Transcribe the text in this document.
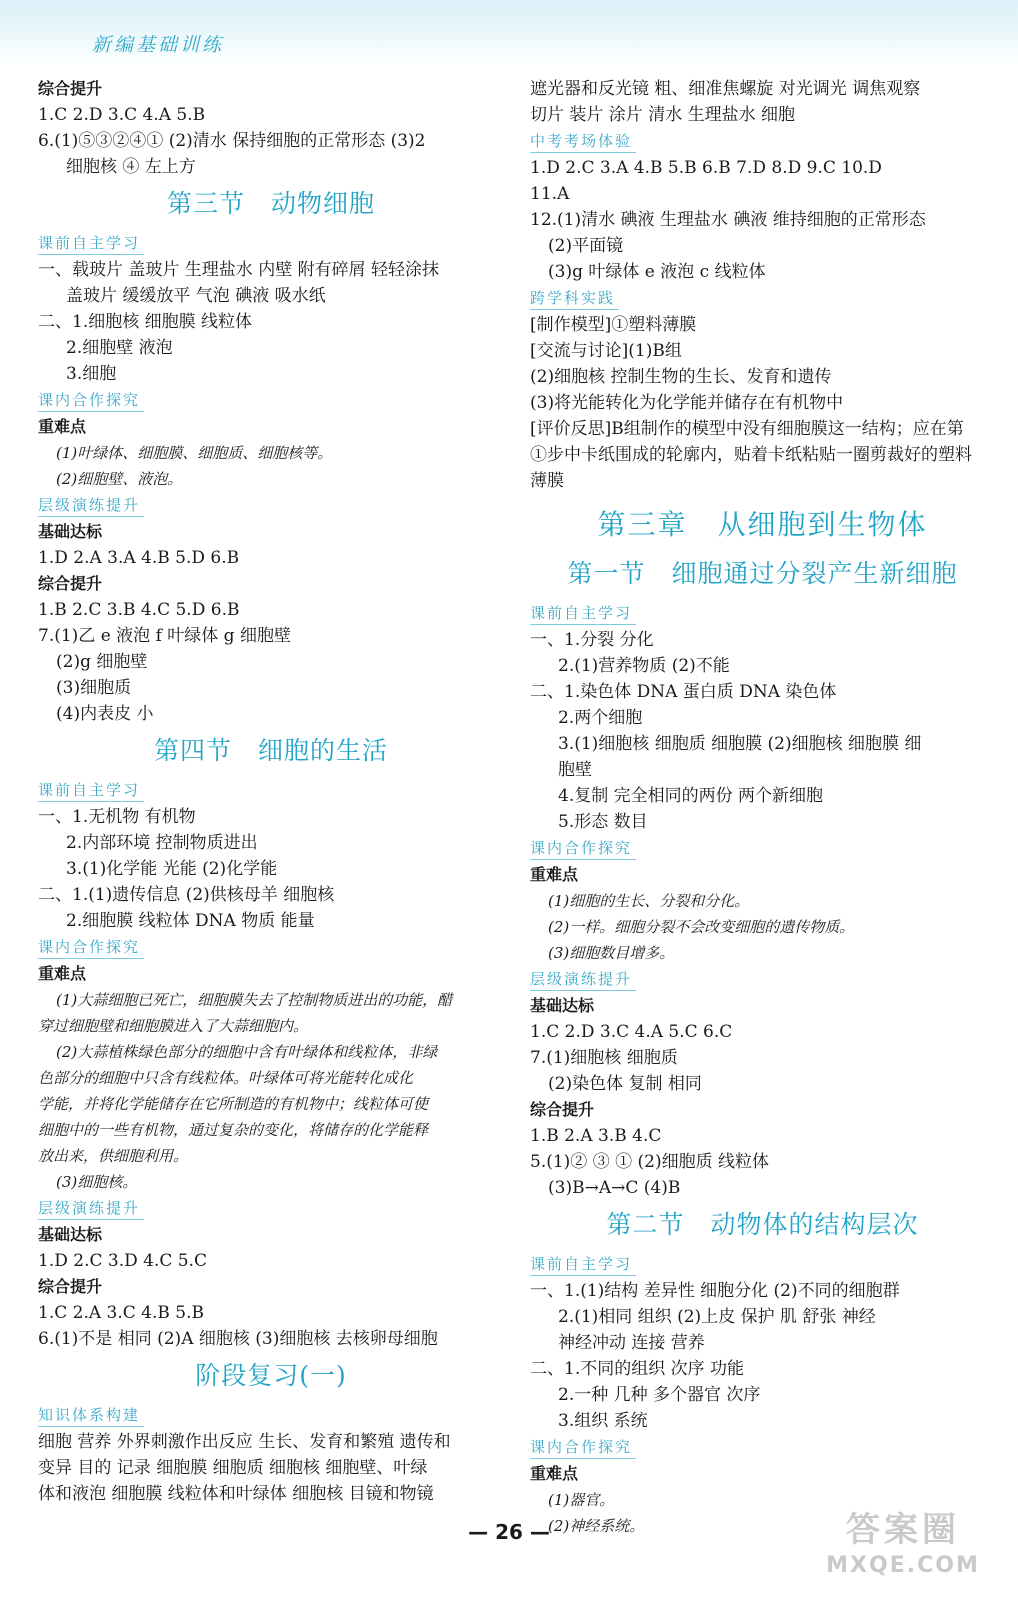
新编基础训练
综合提升
1.C 2.D 3.C 4.A 5.B
6.(1)⑤③②④① (2)清水 保持细胞的正常形态 (3)2
细胞核 ④ 左上方
第三节　动物细胞
课前自主学习
一、载玻片 盖玻片 生理盐水 内壁 附有碎屑 轻轻涂抹
盖玻片 缓缓放平 气泡 碘液 吸水纸
二、1.细胞核 细胞膜 线粒体
2.细胞壁 液泡
3.细胞
课内合作探究
重难点
(1)叶绿体、细胞膜、细胞质、细胞核等。
(2)细胞壁、液泡。
层级演练提升
基础达标
1.D 2.A 3.A 4.B 5.D 6.B
综合提升
1.B 2.C 3.B 4.C 5.D 6.B
7.(1)乙 e 液泡 f 叶绿体 g 细胞壁
(2)g 细胞壁
(3)细胞质
(4)内表皮 小
第四节　细胞的生活
课前自主学习
一、1.无机物 有机物
2.内部环境 控制物质进出
3.(1)化学能 光能 (2)化学能
二、1.(1)遗传信息 (2)供核母羊 细胞核
2.细胞膜 线粒体 DNA 物质 能量
课内合作探究
重难点
(1)大蒜细胞已死亡，细胞膜失去了控制物质进出的功能，醋
穿过细胞壁和细胞膜进入了大蒜细胞内。
(2)大蒜植株绿色部分的细胞中含有叶绿体和线粒体，非绿
色部分的细胞中只含有线粒体。叶绿体可将光能转化成化
学能，并将化学能储存在它所制造的有机物中；线粒体可使
细胞中的一些有机物，通过复杂的变化，将储存的化学能释
放出来，供细胞利用。
(3)细胞核。
层级演练提升
基础达标
1.D 2.C 3.D 4.C 5.C
综合提升
1.C 2.A 3.C 4.B 5.B
6.(1)不是 相同 (2)A 细胞核 (3)细胞核 去核卵母细胞
阶段复习(一)
知识体系构建
细胞 营养 外界刺激作出反应 生长、发育和繁殖 遗传和
变异 目的 记录 细胞膜 细胞质 细胞核 细胞壁、叶绿
体和液泡 细胞膜 线粒体和叶绿体 细胞核 目镜和物镜
遮光器和反光镜 粗、细准焦螺旋 对光调光 调焦观察
切片 装片 涂片 清水 生理盐水 细胞
中考考场体验
1.D 2.C 3.A 4.B 5.B 6.B 7.D 8.D 9.C 10.D
11.A
12.(1)清水 碘液 生理盐水 碘液 维持细胞的正常形态
(2)平面镜
(3)g 叶绿体 e 液泡 c 线粒体
跨学科实践
[制作模型]①塑料薄膜
[交流与讨论](1)B组
(2)细胞核 控制生物的生长、发育和遗传
(3)将光能转化为化学能并储存在有机物中
[评价反思]B组制作的模型中没有细胞膜这一结构；应在第
①步中卡纸围成的轮廓内，贴着卡纸粘贴一圈剪裁好的塑料
薄膜
第三章　从细胞到生物体
第一节　细胞通过分裂产生新细胞
课前自主学习
一、1.分裂 分化
2.(1)营养物质 (2)不能
二、1.染色体 DNA 蛋白质 DNA 染色体
2.两个细胞
3.(1)细胞核 细胞质 细胞膜 (2)细胞核 细胞膜 细
胞壁
4.复制 完全相同的两份 两个新细胞
5.形态 数目
课内合作探究
重难点
(1)细胞的生长、分裂和分化。
(2)一样。细胞分裂不会改变细胞的遗传物质。
(3)细胞数目增多。
层级演练提升
基础达标
1.C 2.D 3.C 4.A 5.C 6.C
7.(1)细胞核 细胞质
(2)染色体 复制 相同
综合提升
1.B 2.A 3.B 4.C
5.(1)② ③ ① (2)细胞质 线粒体
(3)B→A→C (4)B
第二节　动物体的结构层次
课前自主学习
一、1.(1)结构 差异性 细胞分化 (2)不同的细胞群
2.(1)相同 组织 (2)上皮 保护 肌 舒张 神经
神经冲动 连接 营养
二、1.不同的组织 次序 功能
2.一种 几种 多个器官 次序
3.组织 系统
课内合作探究
重难点
(1)器官。
(2)神经系统。
— 26 —	答案圈
MXQE.COM
